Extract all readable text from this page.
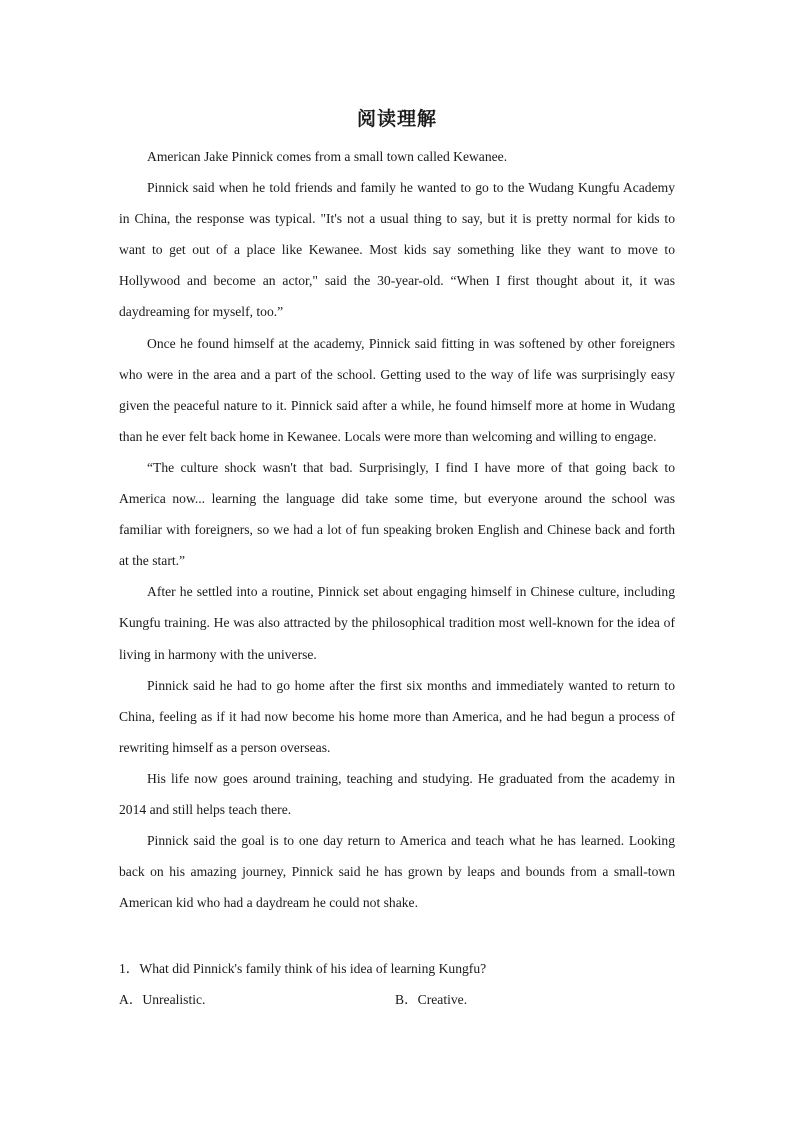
阅读理解

American Jake Pinnick comes from a small town called Kewanee.

Pinnick said when he told friends and family he wanted to go to the Wudang Kungfu Academy in China, the response was typical. "It's not a usual thing to say, but it is pretty normal for kids to want to get out of a place like Kewanee. Most kids say something like they want to move to Hollywood and become an actor," said the 30-year-old. “When I first thought about it, it was daydreaming for myself, too.”

Once he found himself at the academy, Pinnick said fitting in was softened by other foreigners who were in the area and a part of the school. Getting used to the way of life was surprisingly easy given the peaceful nature to it. Pinnick said after a while, he found himself more at home in Wudang than he ever felt back home in Kewanee. Locals were more than welcoming and willing to engage.

“The culture shock wasn't that bad. Surprisingly, I find I have more of that going back to America now... learning the language did take some time, but everyone around the school was familiar with foreigners, so we had a lot of fun speaking broken English and Chinese back and forth at the start.”

After he settled into a routine, Pinnick set about engaging himself in Chinese culture, including Kungfu training. He was also attracted by the philosophical tradition most well-known for the idea of living in harmony with the universe.

Pinnick said he had to go home after the first six months and immediately wanted to return to China, feeling as if it had now become his home more than America, and he had begun a process of rewriting himself as a person overseas.

His life now goes around training, teaching and studying. He graduated from the academy in 2014 and still helps teach there.

Pinnick said the goal is to one day return to America and teach what he has learned. Looking back on his amazing journey, Pinnick said he has grown by leaps and bounds from a small-town American kid who had a daydream he could not shake.

1．What did Pinnick's family think of his idea of learning Kungfu?

A．Unrealistic.	B．Creative.
